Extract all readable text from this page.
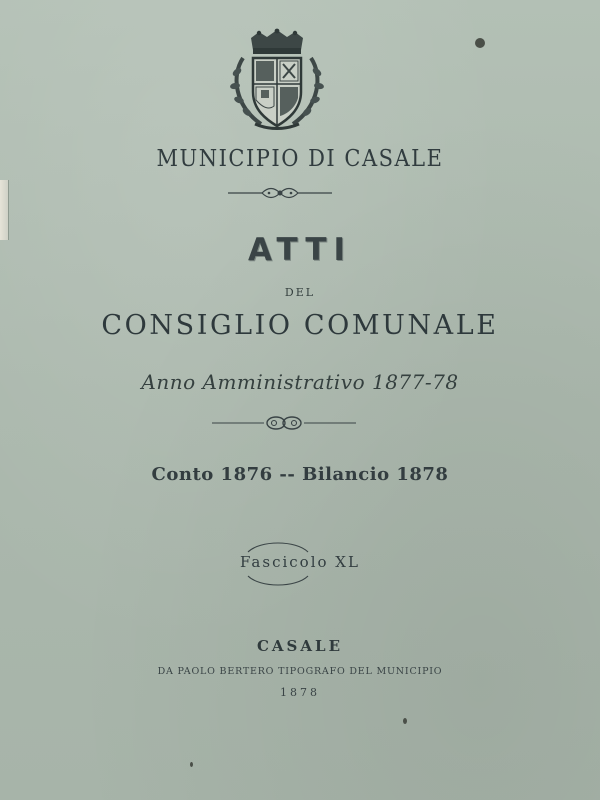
MUNICIPIO DI CASALE
ATTI
DEL
CONSIGLIO COMUNALE
Anno Amministrativo 1877-78
Conto 1876 -- Bilancio 1878
Fascicolo XL
CASALE
DA PAOLO BERTERO TIPOGRAFO DEL MUNICIPIO
1878
